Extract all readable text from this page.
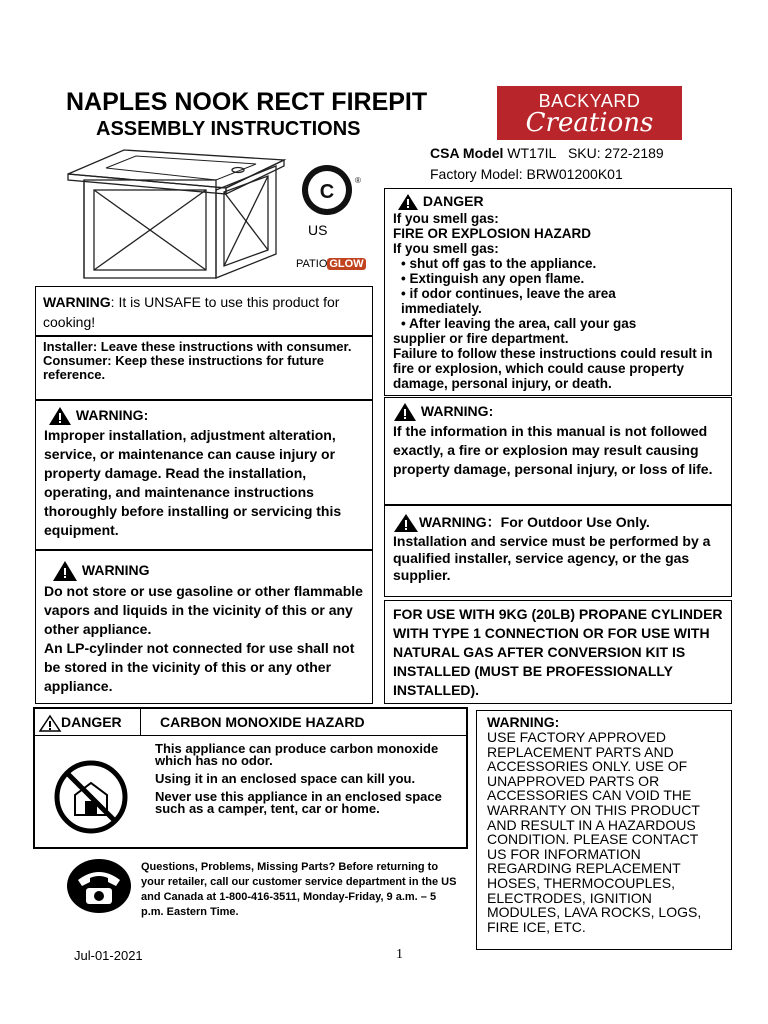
NAPLES NOOK RECT FIREPIT
ASSEMBLY INSTRUCTIONS
BACKYARD
Creations
CSA Model WT17IL SKU: 272-2189
Factory Model: BRW01200K01
C
®
US
PATIO GLOW
WARNING: It is UNSAFE to use this product for cooking!
Installer: Leave these instructions with consumer.
Consumer: Keep these instructions for future reference.
DANGER
If you smell gas:
FIRE OR EXPLOSION HAZARD
If you smell gas:
• shut off gas to the appliance.
• Extinguish any open flame.
• if odor continues, leave the area immediately.
• After leaving the area, call your gas
supplier or fire department.
Failure to follow these instructions could result in fire or explosion, which could cause property damage, personal injury, or death.
WARNING:
Improper installation, adjustment alteration, service, or maintenance can cause injury or property damage. Read the installation, operating, and maintenance instructions thoroughly before installing or servicing this equipment.
WARNING:
If the information in this manual is not followed exactly, a fire or explosion may result causing property damage, personal injury, or loss of life.
WARNING
Do not store or use gasoline or other flammable vapors and liquids in the vicinity of this or any other appliance.
An LP-cylinder not connected for use shall not be stored in the vicinity of this or any other appliance.
WARNING：For Outdoor Use Only.
Installation and service must be performed by a qualified installer, service agency, or the gas supplier.
FOR USE WITH 9KG (20LB) PROPANE CYLINDER WITH TYPE 1 CONNECTION OR FOR USE WITH NATURAL GAS AFTER CONVERSION KIT IS INSTALLED (MUST BE PROFESSIONALLY INSTALLED).
DANGER	CARBON MONOXIDE HAZARD
This appliance can produce carbon monoxide which has no odor.
Using it in an enclosed space can kill you.
Never use this appliance in an enclosed space such as a camper, tent, car or home.
WARNING:
USE FACTORY APPROVED REPLACEMENT PARTS AND ACCESSORIES ONLY. USE OF UNAPPROVED PARTS OR ACCESSORIES CAN VOID THE WARRANTY ON THIS PRODUCT AND RESULT IN A HAZARDOUS CONDITION. PLEASE CONTACT US FOR INFORMATION REGARDING REPLACEMENT HOSES, THERMOCOUPLES, ELECTRODES, IGNITION MODULES, LAVA ROCKS, LOGS, FIRE ICE, ETC.
Questions, Problems, Missing Parts? Before returning to your retailer, call our customer service department in the US and Canada at 1-800-416-3511, Monday-Friday, 9 a.m. – 5 p.m. Eastern Time.
Jul-01-2021	1
